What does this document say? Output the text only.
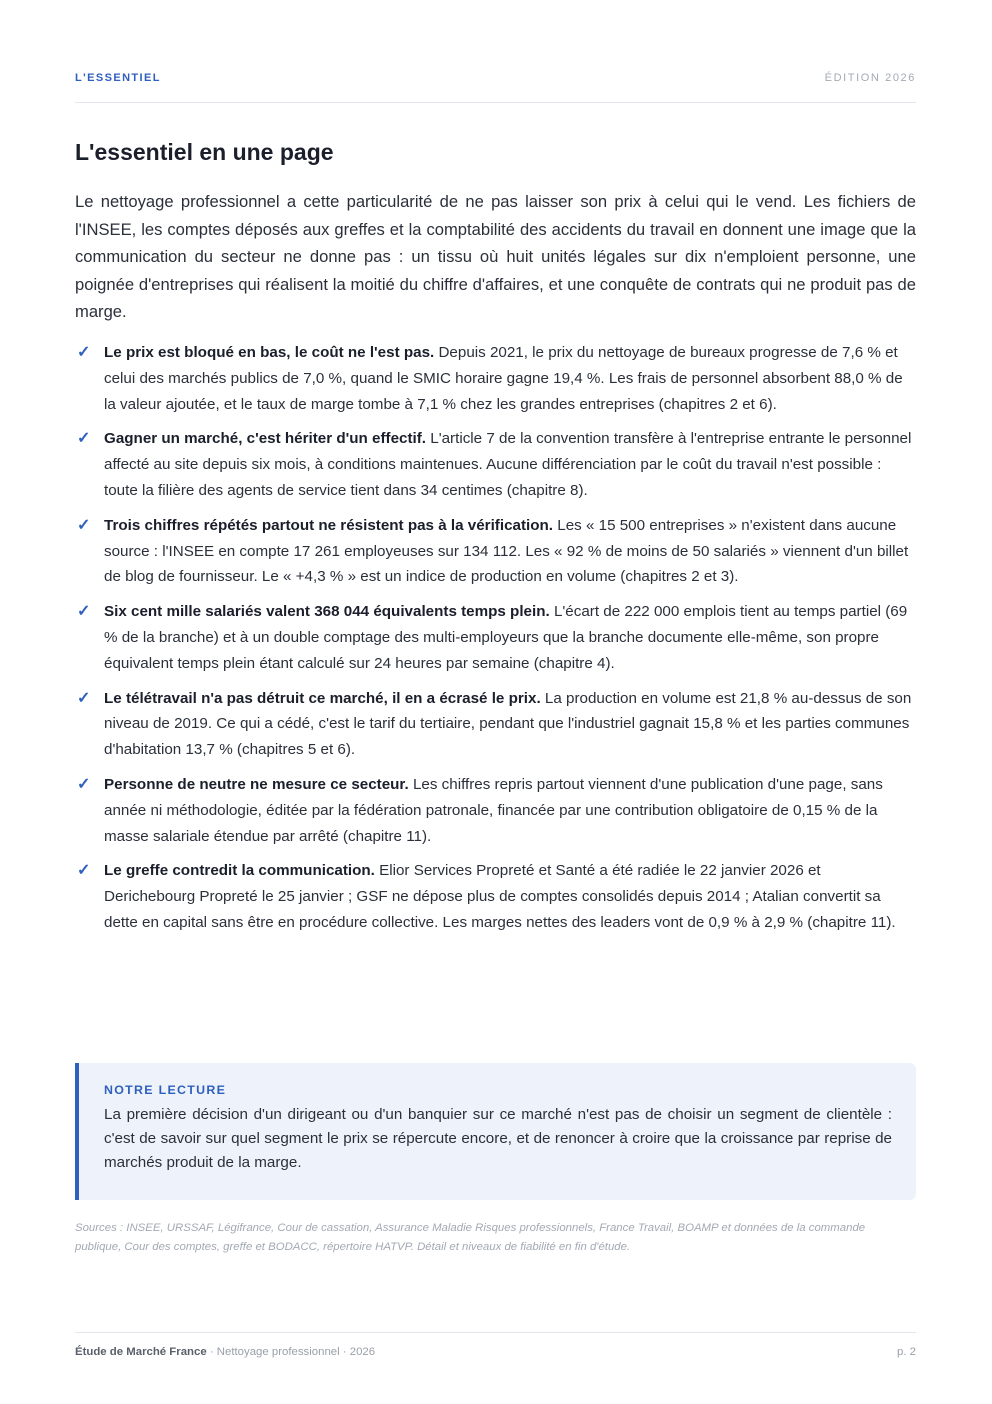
L'ESSENTIEL	ÉDITION 2026
L'essentiel en une page

Le nettoyage professionnel a cette particularité de ne pas laisser son prix à celui qui le vend. Les fichiers de l'INSEE, les comptes déposés aux greffes et la comptabilité des accidents du travail en donnent une image que la communication du secteur ne donne pas : un tissu où huit unités légales sur dix n'emploient personne, une poignée d'entreprises qui réalisent la moitié du chiffre d'affaires, et une conquête de contrats qui ne produit pas de marge.

✓ Le prix est bloqué en bas, le coût ne l'est pas. Depuis 2021, le prix du nettoyage de bureaux progresse de 7,6 % et celui des marchés publics de 7,0 %, quand le SMIC horaire gagne 19,4 %. Les frais de personnel absorbent 88,0 % de la valeur ajoutée, et le taux de marge tombe à 7,1 % chez les grandes entreprises (chapitres 2 et 6).
✓ Gagner un marché, c'est hériter d'un effectif. L'article 7 de la convention transfère à l'entreprise entrante le personnel affecté au site depuis six mois, à conditions maintenues. Aucune différenciation par le coût du travail n'est possible : toute la filière des agents de service tient dans 34 centimes (chapitre 8).
✓ Trois chiffres répétés partout ne résistent pas à la vérification. Les « 15 500 entreprises » n'existent dans aucune source : l'INSEE en compte 17 261 employeuses sur 134 112. Les « 92 % de moins de 50 salariés » viennent d'un billet de blog de fournisseur. Le « +4,3 % » est un indice de production en volume (chapitres 2 et 3).
✓ Six cent mille salariés valent 368 044 équivalents temps plein. L'écart de 222 000 emplois tient au temps partiel (69 % de la branche) et à un double comptage des multi-employeurs que la branche documente elle-même, son propre équivalent temps plein étant calculé sur 24 heures par semaine (chapitre 4).
✓ Le télétravail n'a pas détruit ce marché, il en a écrasé le prix. La production en volume est 21,8 % au-dessus de son niveau de 2019. Ce qui a cédé, c'est le tarif du tertiaire, pendant que l'industriel gagnait 15,8 % et les parties communes d'habitation 13,7 % (chapitres 5 et 6).
✓ Personne de neutre ne mesure ce secteur. Les chiffres repris partout viennent d'une publication d'une page, sans année ni méthodologie, éditée par la fédération patronale, financée par une contribution obligatoire de 0,15 % de la masse salariale étendue par arrêté (chapitre 11).
✓ Le greffe contredit la communication. Elior Services Propreté et Santé a été radiée le 22 janvier 2026 et Derichebourg Propreté le 25 janvier ; GSF ne dépose plus de comptes consolidés depuis 2014 ; Atalian convertit sa dette en capital sans être en procédure collective. Les marges nettes des leaders vont de 0,9 % à 2,9 % (chapitre 11).

NOTRE LECTURE

La première décision d'un dirigeant ou d'un banquier sur ce marché n'est pas de choisir un segment de clientèle : c'est de savoir sur quel segment le prix se répercute encore, et de renoncer à croire que la croissance par reprise de marchés produit de la marge.

Sources : INSEE, URSSAF, Légifrance, Cour de cassation, Assurance Maladie Risques professionnels, France Travail, BOAMP et données de la commande publique, Cour des comptes, greffe et BODACC, répertoire HATVP. Détail et niveaux de fiabilité en fin d'étude.

Étude de Marché France · Nettoyage professionnel · 2026	p. 2
